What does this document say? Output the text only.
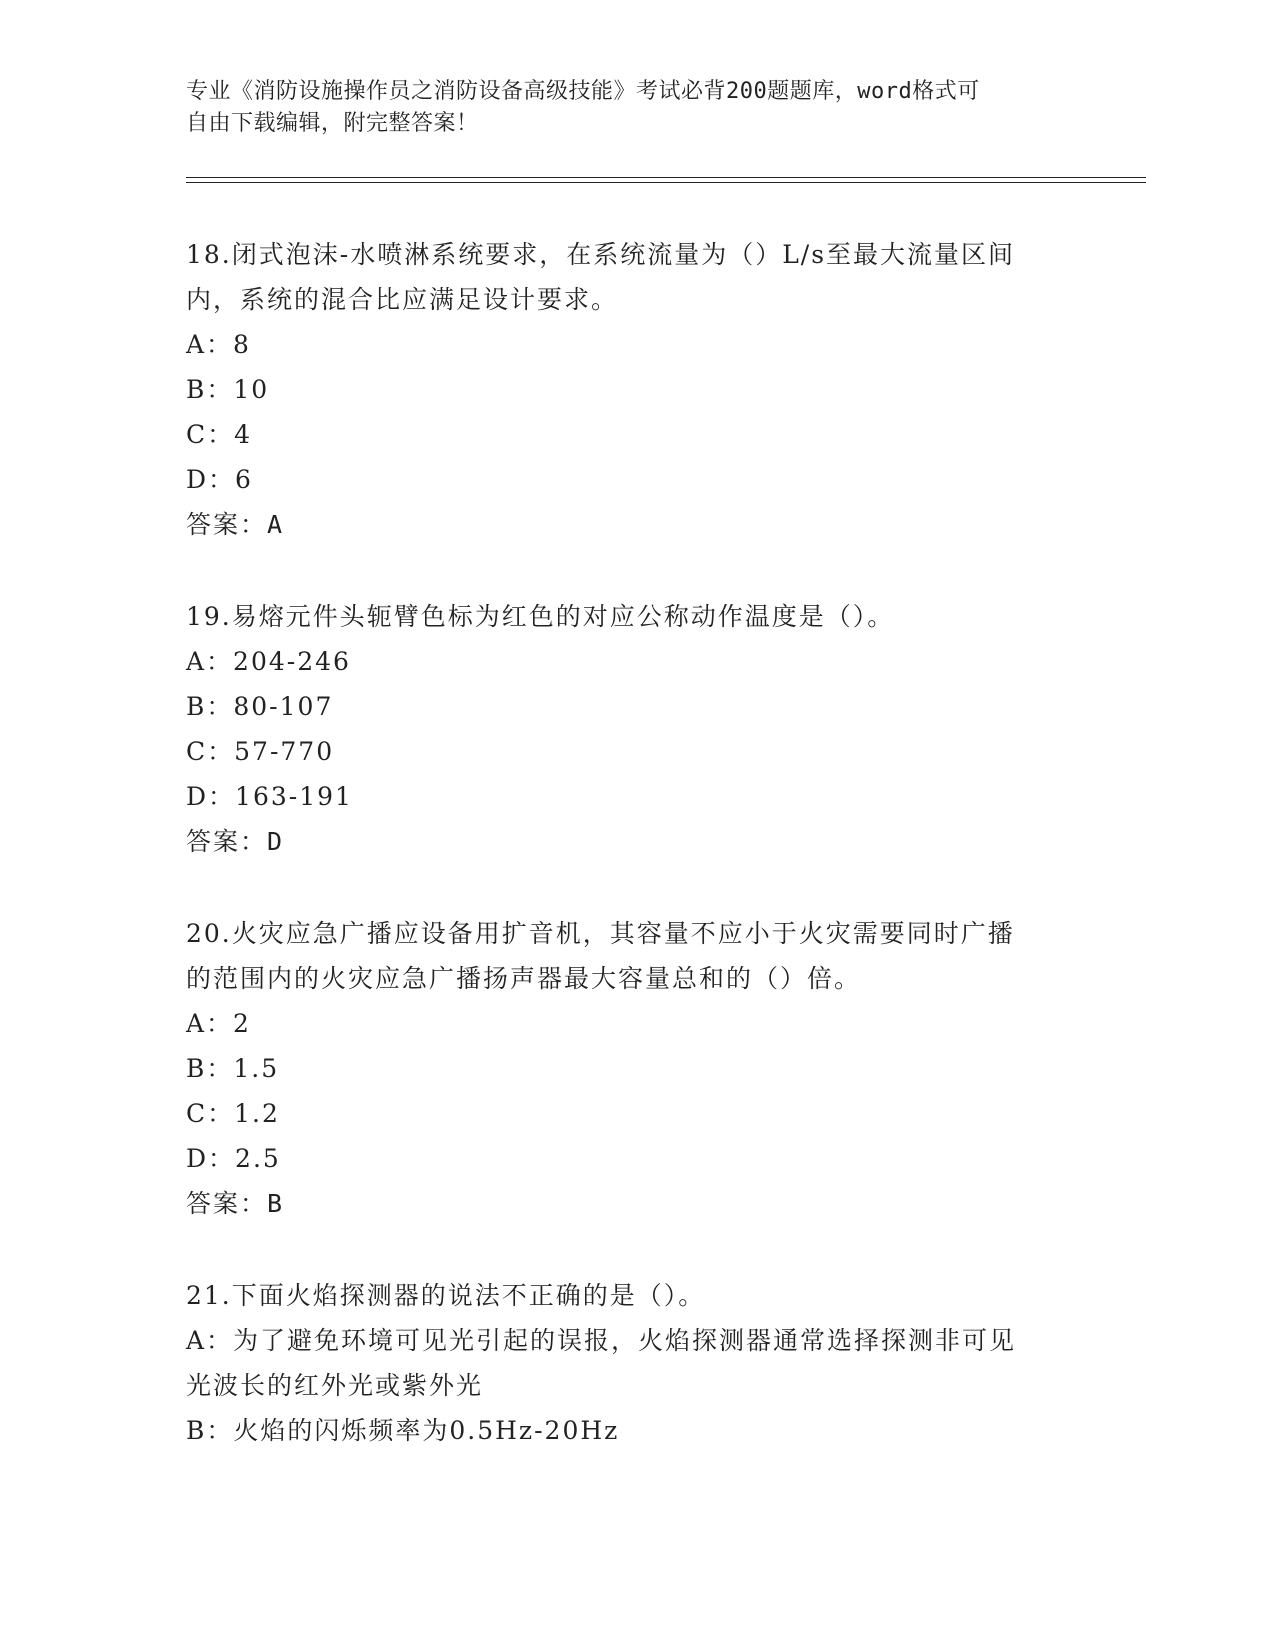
专业《消防设施操作员之消防设备高级技能》考试必背200题题库，word格式可
自由下载编辑，附完整答案！
18.闭式泡沫-水喷淋系统要求，在系统流量为（）L/s至最大流量区间
内，系统的混合比应满足设计要求。
A：8
B：10
C：4
D：6
答案：A
19.易熔元件头轭臂色标为红色的对应公称动作温度是（）。
A：204-246
B：80-107
C：57-770
D：163-191
答案：D
20.火灾应急广播应设备用扩音机，其容量不应小于火灾需要同时广播
的范围内的火灾应急广播扬声器最大容量总和的（）倍。
A：2
B：1.5
C：1.2
D：2.5
答案：B
21.下面火焰探测器的说法不正确的是（）。
A：为了避免环境可见光引起的误报，火焰探测器通常选择探测非可见
光波长的红外光或紫外光
B：火焰的闪烁频率为0.5Hz-20Hz
